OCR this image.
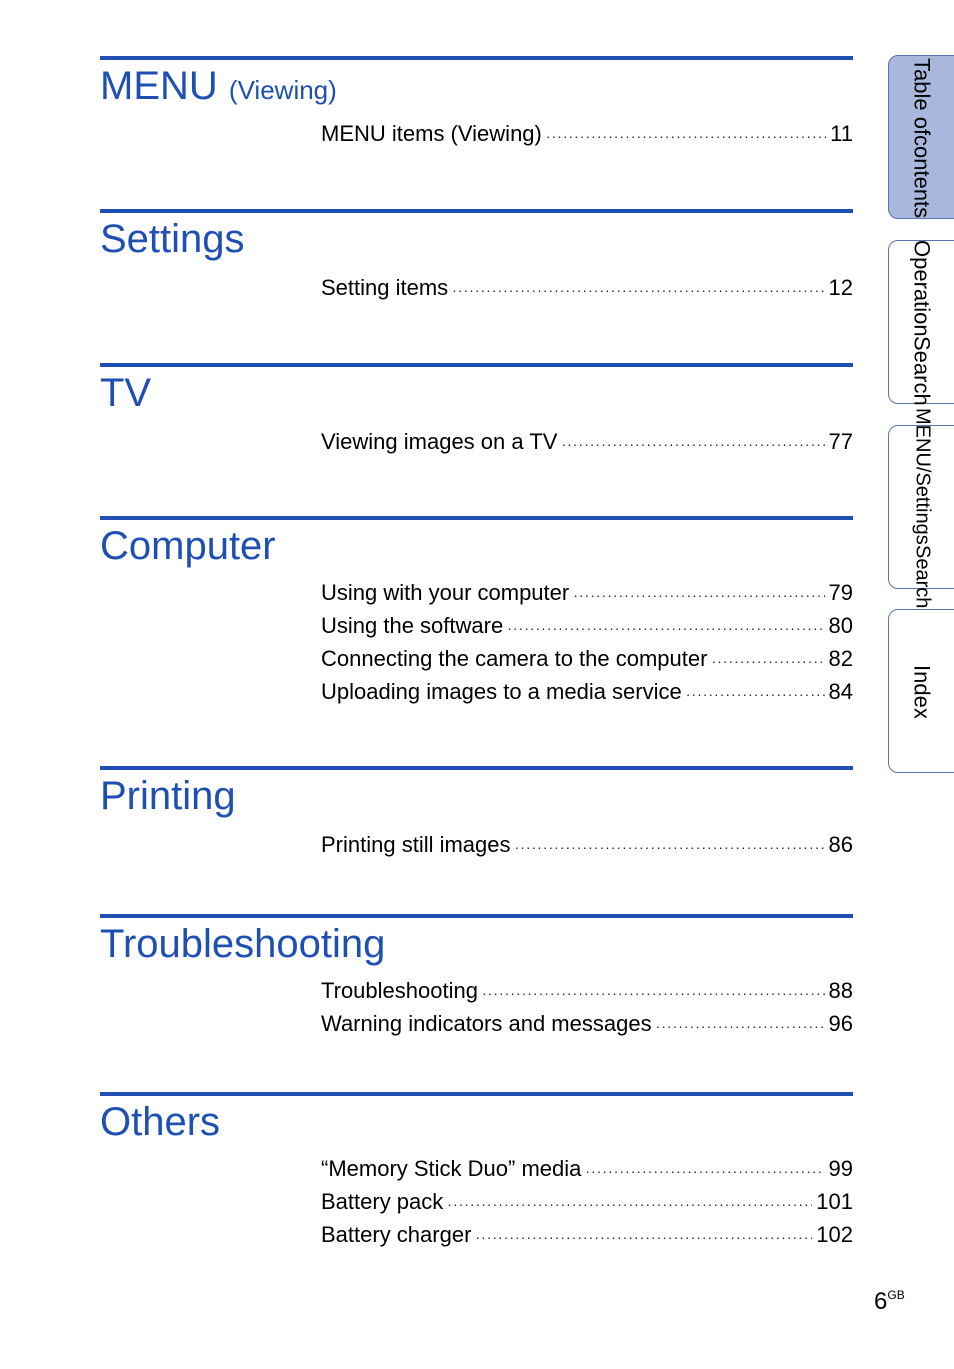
MENU (Viewing)
MENU items (Viewing) ·····	11
Settings
Setting items ·····	12
TV
Viewing images on a TV ·····	77
Computer
Using with your computer ·····	79
Using the software ·····	80
Connecting the camera to the computer ·····	82
Uploading images to a media service ·····	84
Printing
Printing still images ·····	86
Troubleshooting
Troubleshooting ·····	88
Warning indicators and messages ·····	96
Others
“Memory Stick Duo” media ·····	99
Battery pack ·····	101
Battery charger ·····	102
Table of
contents
Operation
Search
MENU/Settings
Search
Index
$6^{GB}$
